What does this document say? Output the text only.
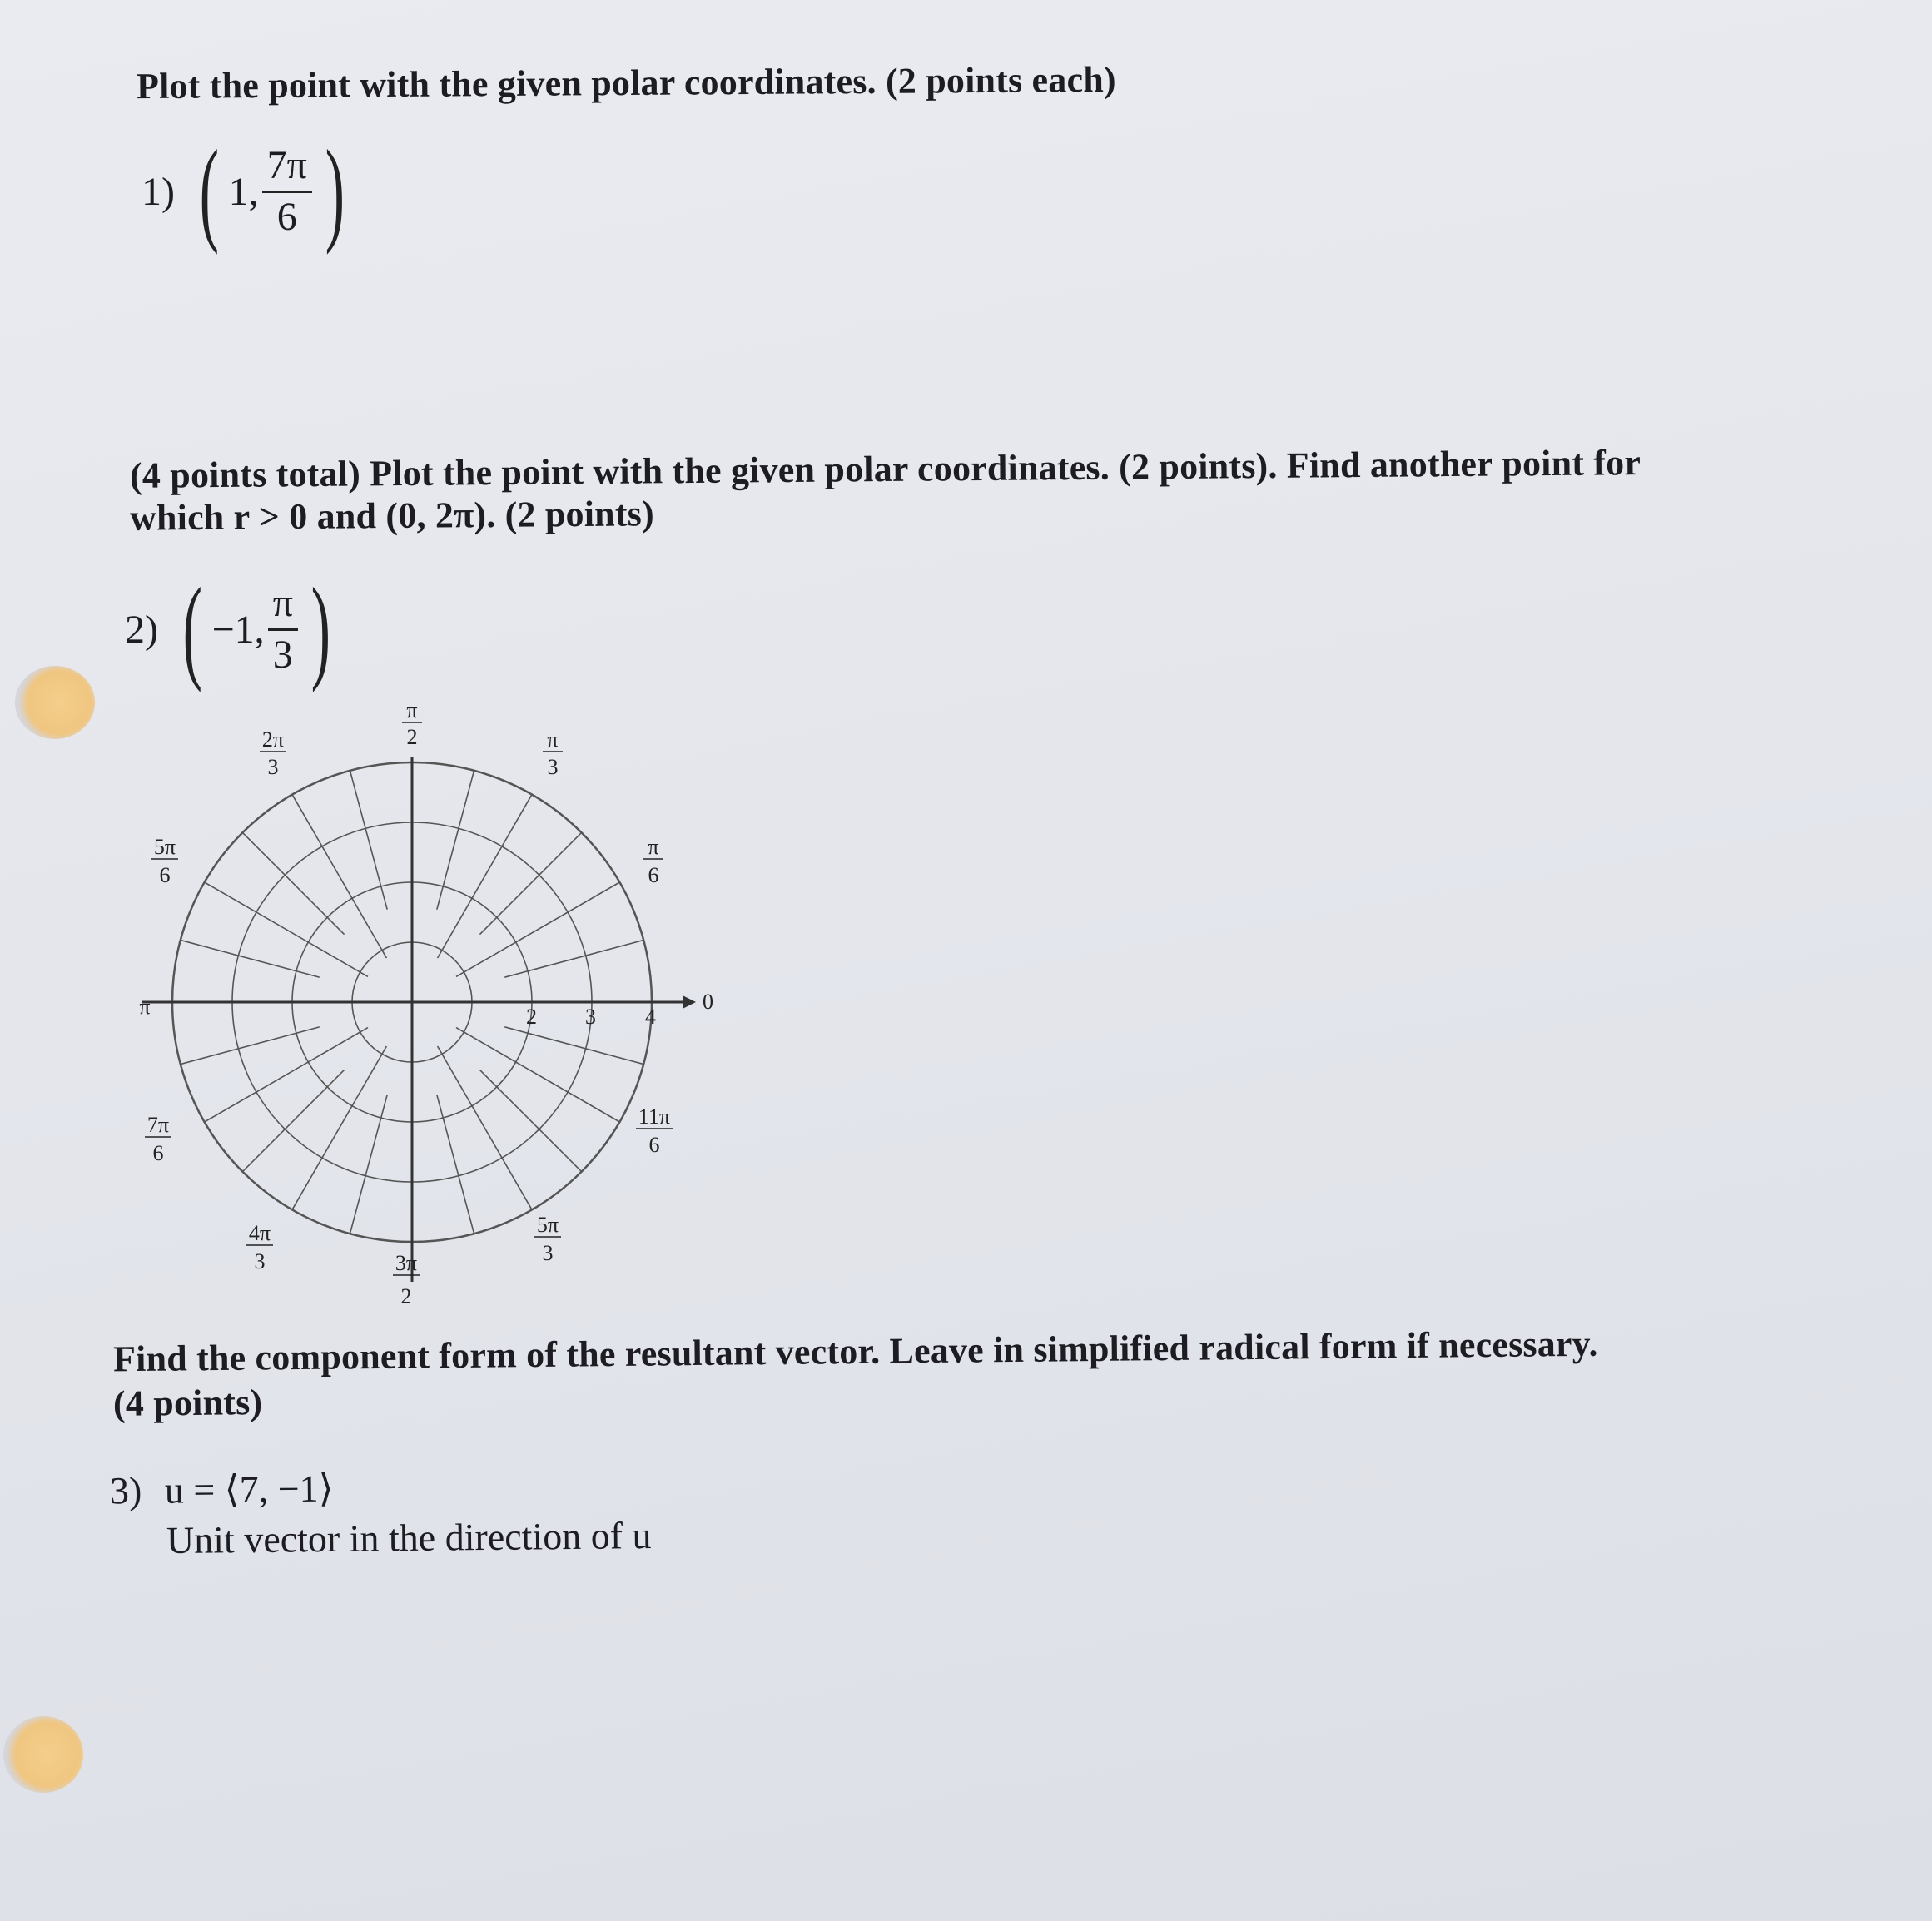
Plot the point with the given polar coordinates. (2 points each)
1) ( 1, $\frac{7\pi}{6}$ )
(4 points total) Plot the point with the given polar coordinates. (2 points). Find another point for
which r > 0 and (0, 2π). (2 points)
2) ( −1, $\frac{\pi}{3}$ )
2 3 4
π
2
2π
3
π
3
5π
6
π
6
π	0
7π
6
11π
6
4π
3
5π
3
3π
2
Find the component form of the resultant vector. Leave in simplified radical form if necessary.
(4 points)
3) u = ⟨7, −1⟩
Unit vector in the direction of u
